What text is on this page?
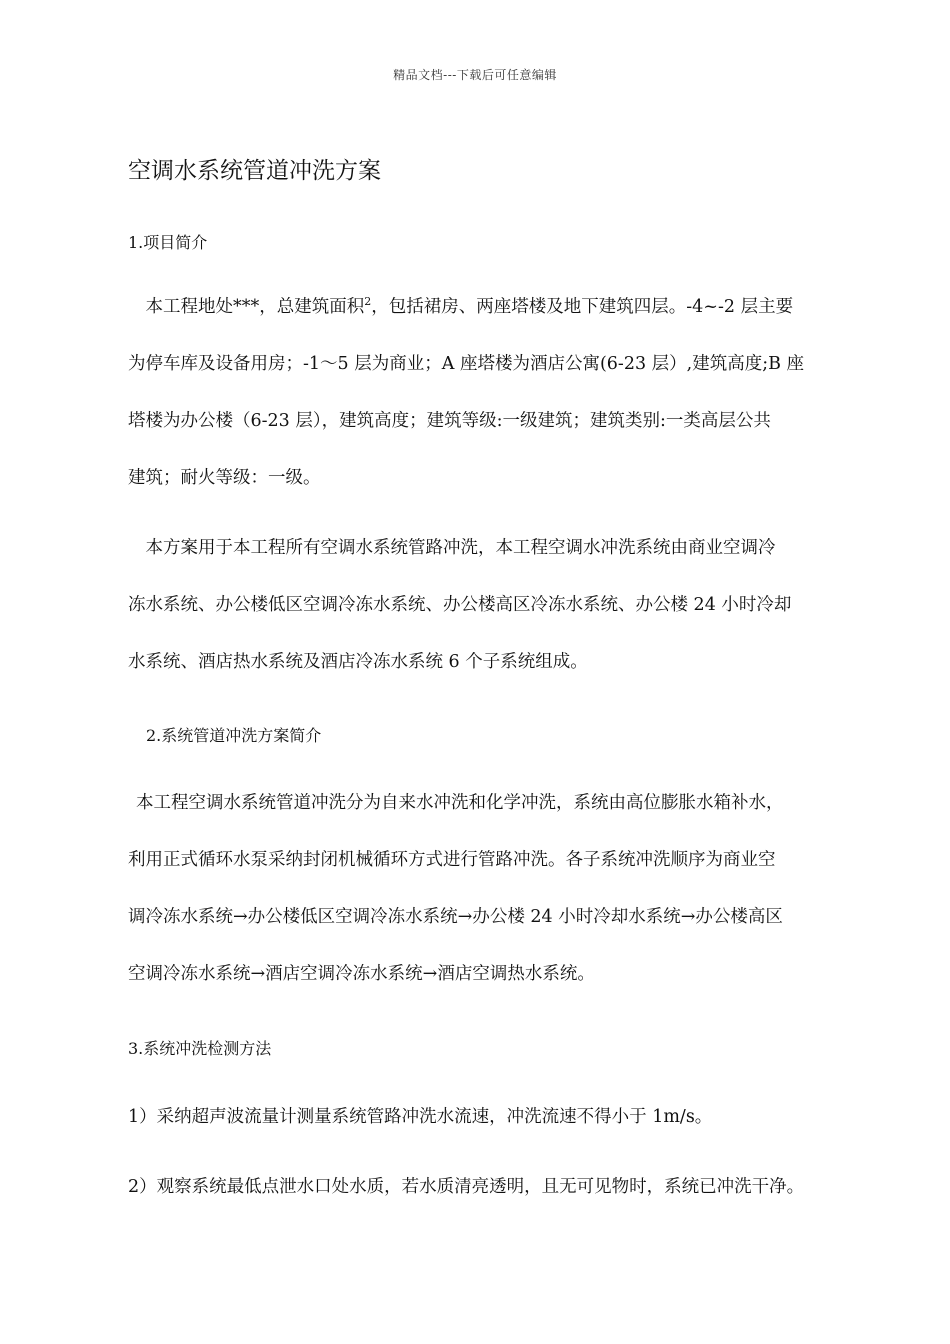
精品文档---下载后可任意编辑
空调水系统管道冲洗方案
1.项目简介
　本工程地处***，总建筑面积$^2$，包括裙房、两座塔楼及地下建筑四层。-4~-2 层主要
为停车库及设备用房；-1～5 层为商业；A 座塔楼为酒店公寓(6-23 层）,建筑高度;B 座
塔楼为办公楼（6-23 层），建筑高度；建筑等级:一级建筑；建筑类别:一类高层公共
建筑；耐火等级：一级。
　本方案用于本工程所有空调水系统管路冲洗，本工程空调水冲洗系统由商业空调冷
冻水系统、办公楼低区空调冷冻水系统、办公楼高区冷冻水系统、办公楼 24 小时冷却
水系统、酒店热水系统及酒店冷冻水系统 6 个子系统组成。
2.系统管道冲洗方案简介
本工程空调水系统管道冲洗分为自来水冲洗和化学冲洗，系统由高位膨胀水箱补水，
利用正式循环水泵采纳封闭机械循环方式进行管路冲洗。各子系统冲洗顺序为商业空
调冷冻水系统→办公楼低区空调冷冻水系统→办公楼 24 小时冷却水系统→办公楼高区
空调冷冻水系统→酒店空调冷冻水系统→酒店空调热水系统。
3.系统冲洗检测方法
1）采纳超声波流量计测量系统管路冲洗水流速，冲洗流速不得小于 1m/s。
2）观察系统最低点泄水口处水质，若水质清亮透明，且无可见物时，系统已冲洗干净。
